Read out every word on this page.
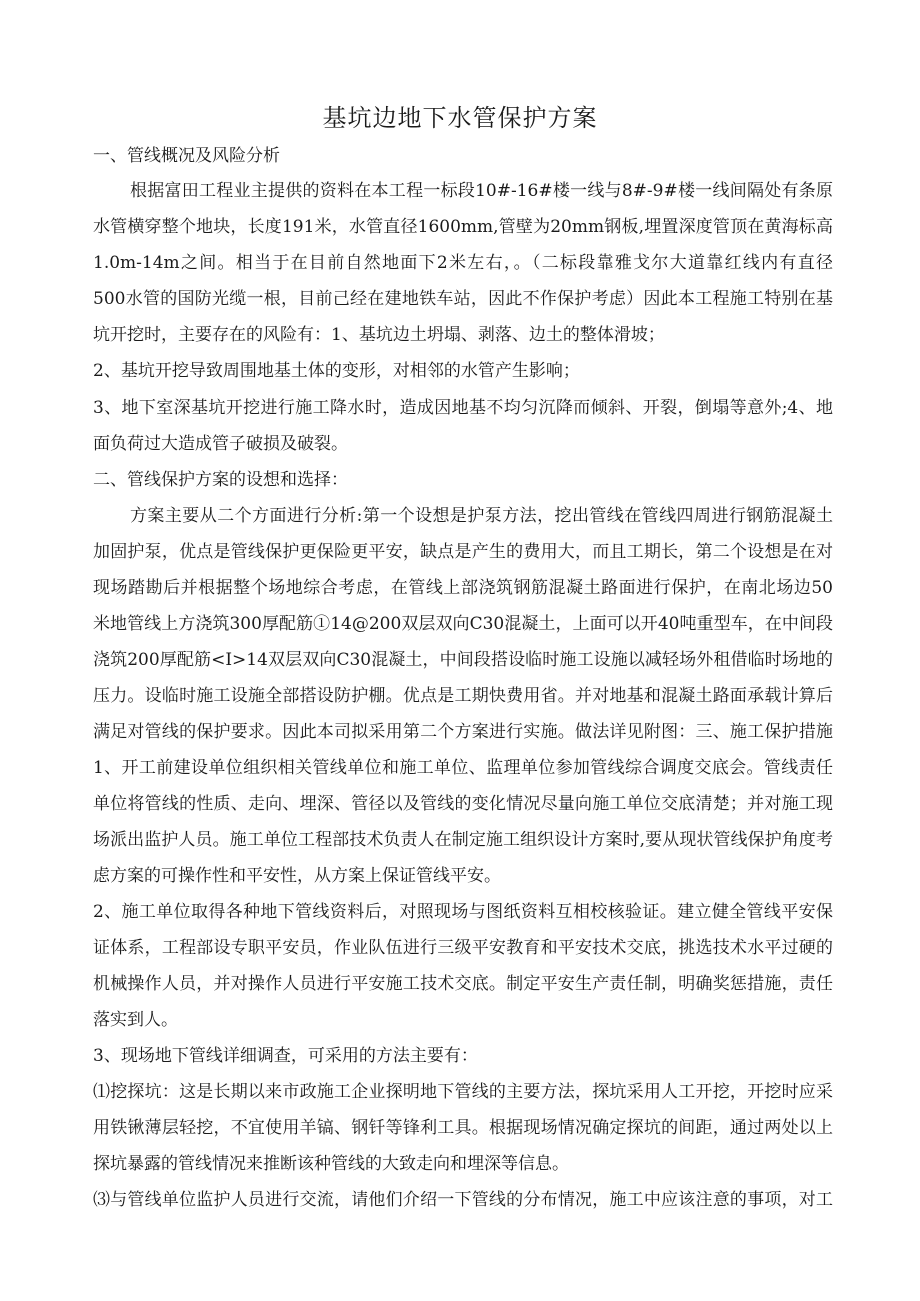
基坑边地下水管保护方案
一、管线概况及风险分析
根据富田工程业主提供的资料在本工程一标段10#-16#楼一线与8#-9#楼一线间隔处有条原
水管横穿整个地块，长度191米，水管直径1600mm,管壁为20mm钢板,埋置深度管顶在黄海标高
1.0m-14m之间。相当于在目前自然地面下2米左右，。（二标段靠雅戈尔大道靠红线内有直径
500水管的国防光缆一根，目前己经在建地铁车站，因此不作保护考虑）因此本工程施工特别在基
坑开挖时，主要存在的风险有：1、基坑边土坍塌、剥落、边土的整体滑坡；
2、基坑开挖导致周围地基土体的变形，对相邻的水管产生影响；
3、地下室深基坑开挖进行施工降水时，造成因地基不均匀沉降而倾斜、开裂，倒塌等意外;4、地
面负荷过大造成管子破损及破裂。
二、管线保护方案的设想和选择：
方案主要从二个方面进行分析:第一个设想是护泵方法，挖出管线在管线四周进行钢筋混凝土
加固护泵，优点是管线保护更保险更平安，缺点是产生的费用大，而且工期长，第二个设想是在对
现场踏勘后并根据整个场地综合考虑，在管线上部浇筑钢筋混凝土路面进行保护，在南北场边50
米地管线上方浇筑300厚配筋①14@200双层双向C30混凝土，上面可以开40吨重型车，在中间段
浇筑200厚配筋<I>14双层双向C30混凝土，中间段搭设临时施工设施以减轻场外租借临时场地的
压力。设临时施工设施全部搭设防护棚。优点是工期快费用省。并对地基和混凝土路面承载计算后
满足对管线的保护要求。因此本司拟采用第二个方案进行实施。做法详见附图：三、施工保护措施
1、开工前建设单位组织相关管线单位和施工单位、监理单位参加管线综合调度交底会。管线责任
单位将管线的性质、走向、埋深、管径以及管线的变化情况尽量向施工单位交底清楚；并对施工现
场派出监护人员。施工单位工程部技术负责人在制定施工组织设计方案时,要从现状管线保护角度考
虑方案的可操作性和平安性，从方案上保证管线平安。
2、施工单位取得各种地下管线资料后，对照现场与图纸资料互相校核验证。建立健全管线平安保
证体系，工程部设专职平安员，作业队伍进行三级平安教育和平安技术交底，挑选技术水平过硬的
机械操作人员，并对操作人员进行平安施工技术交底。制定平安生产责任制，明确奖惩措施，责任
落实到人。
3、现场地下管线详细调查，可采用的方法主要有：
⑴挖探坑：这是长期以来市政施工企业探明地下管线的主要方法，探坑采用人工开挖，开挖时应采
用铁锹薄层轻挖，不宜使用羊镐、钢钎等锋利工具。根据现场情况确定探坑的间距，通过两处以上
探坑暴露的管线情况来推断该种管线的大致走向和埋深等信息。
⑶与管线单位监护人员进行交流，请他们介绍一下管线的分布情况，施工中应该注意的事项，对工
